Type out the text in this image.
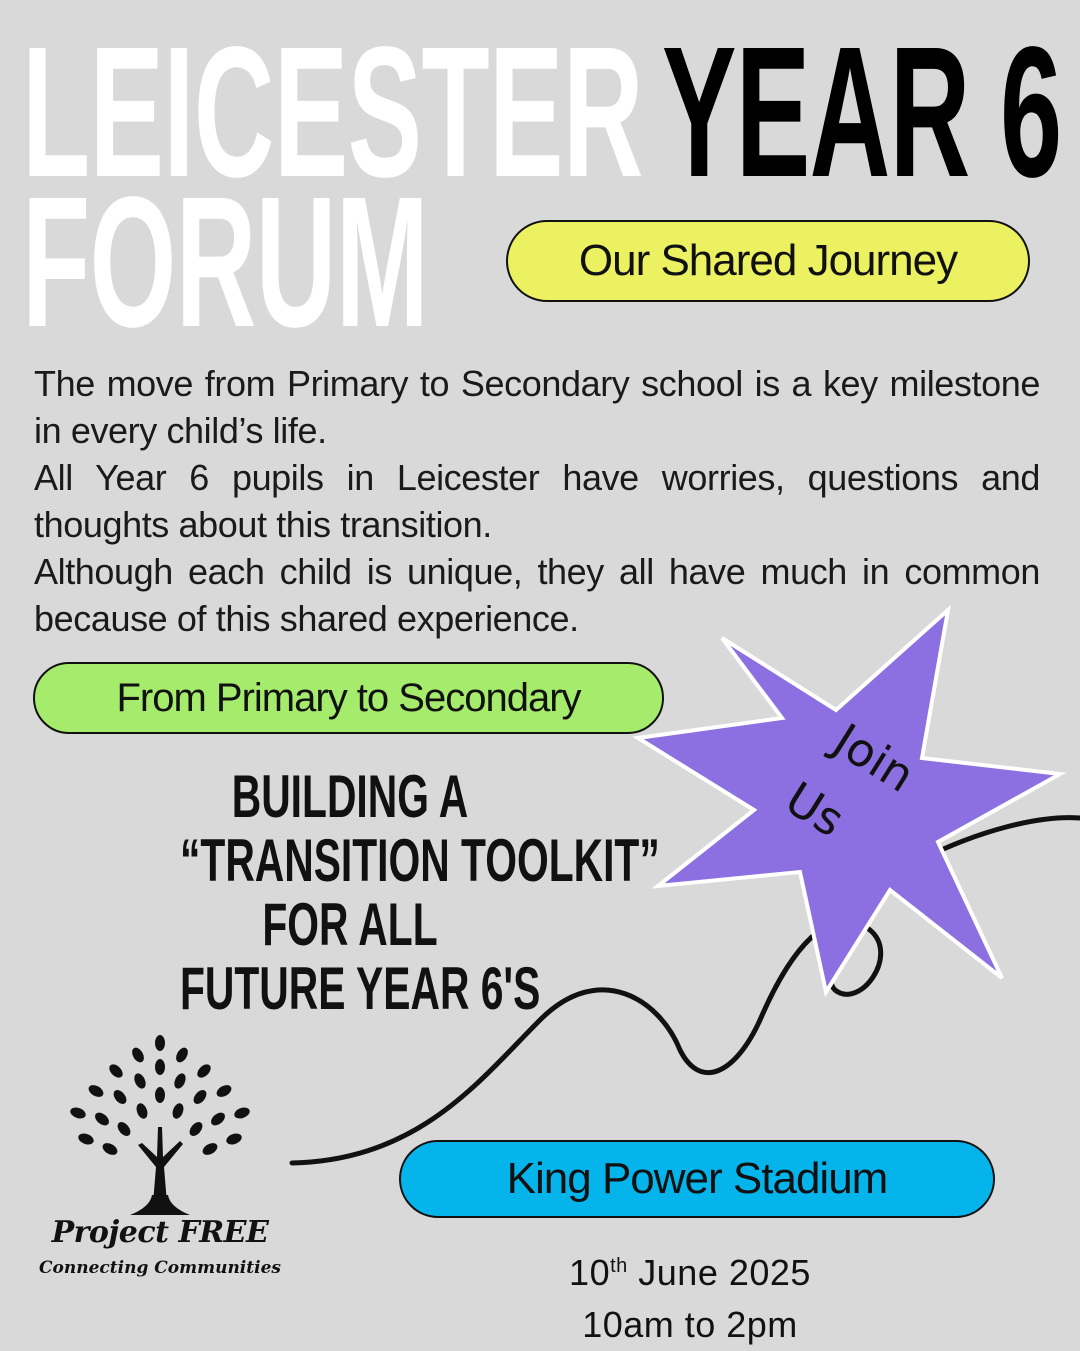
Join
Us
LEICESTER
FORUM
YEAR 6
Our Shared Journey

The move from Primary to Secondary school is a key milestone in every child’s life.

All Year 6 pupils in Leicester have worries, questions and thoughts about this transition.

Although each child is unique, they all have much in common because of this shared experience.

From Primary to Secondary
BUILDING A
“TRANSITION TOOLKIT”
FOR ALL
FUTURE YEAR 6'S
Project FREE
Connecting Communities
King Power Stadium
10th June 2025
10am to 2pm
